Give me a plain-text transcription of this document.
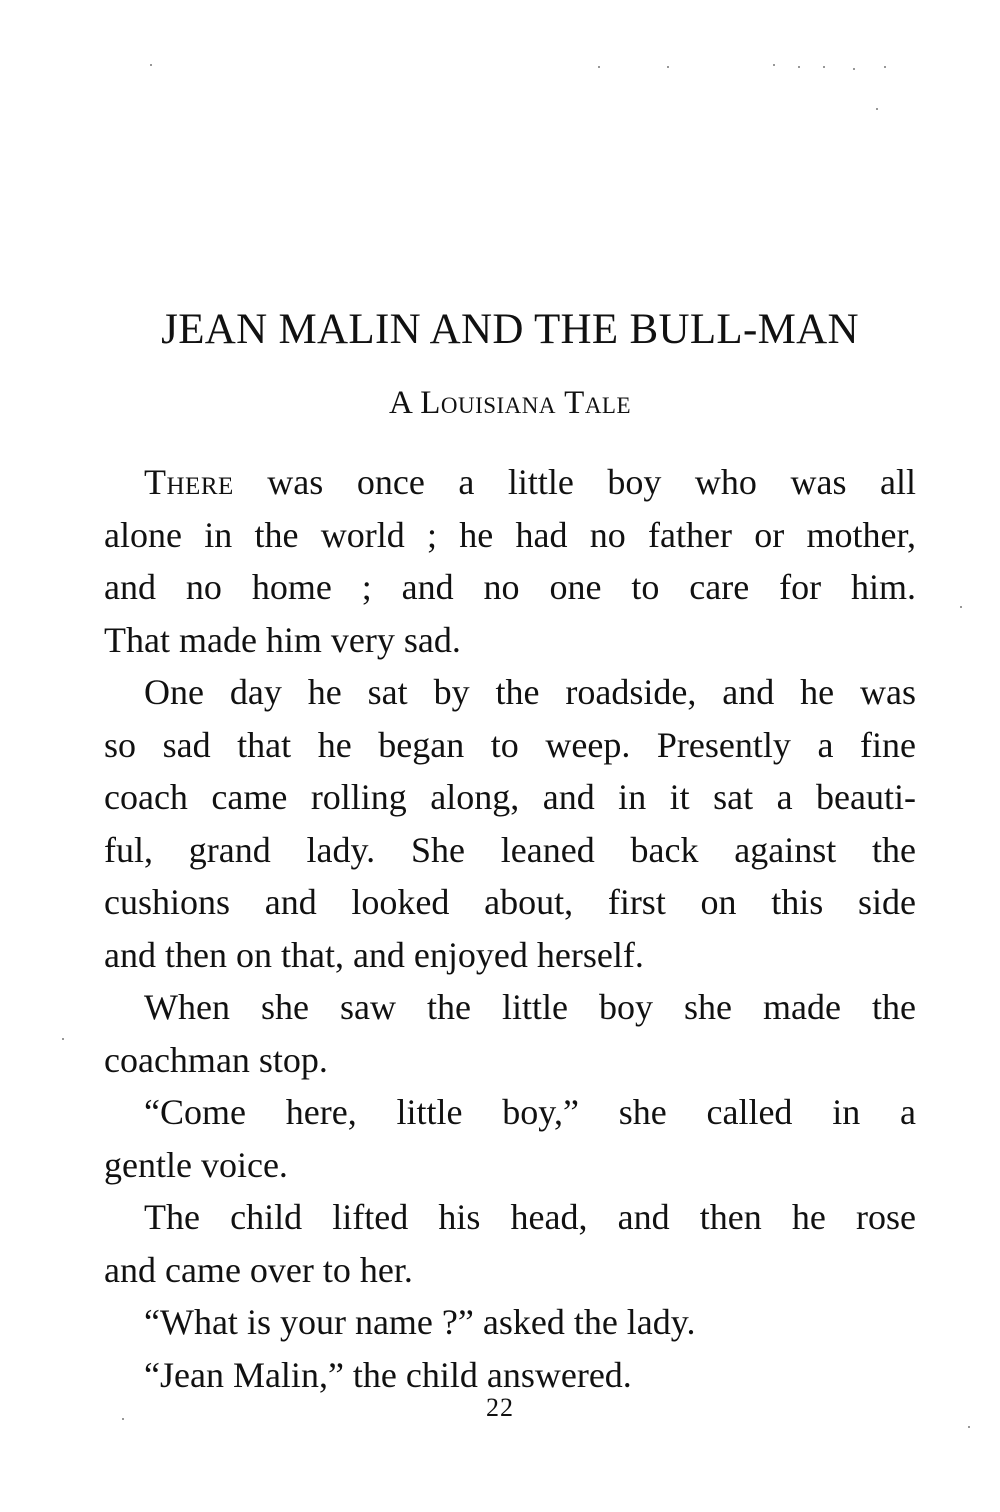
JEAN MALIN AND THE BULL-MAN
A Louisiana Tale
There was once a little boy who was all
alone in the world ; he had no father or mother,
and no home ; and no one to care for him.
That made him very sad.
One day he sat by the roadside, and he was
so sad that he began to weep. Presently a fine
coach came rolling along, and in it sat a beauti-
ful, grand lady. She leaned back against the
cushions and looked about, first on this side
and then on that, and enjoyed herself.
When she saw the little boy she made the
coachman stop.
“Come here, little boy,” she called in a
gentle voice.
The child lifted his head, and then he rose
and came over to her.
“What is your name ?” asked the lady.
“Jean Malin,” the child answered.

22
